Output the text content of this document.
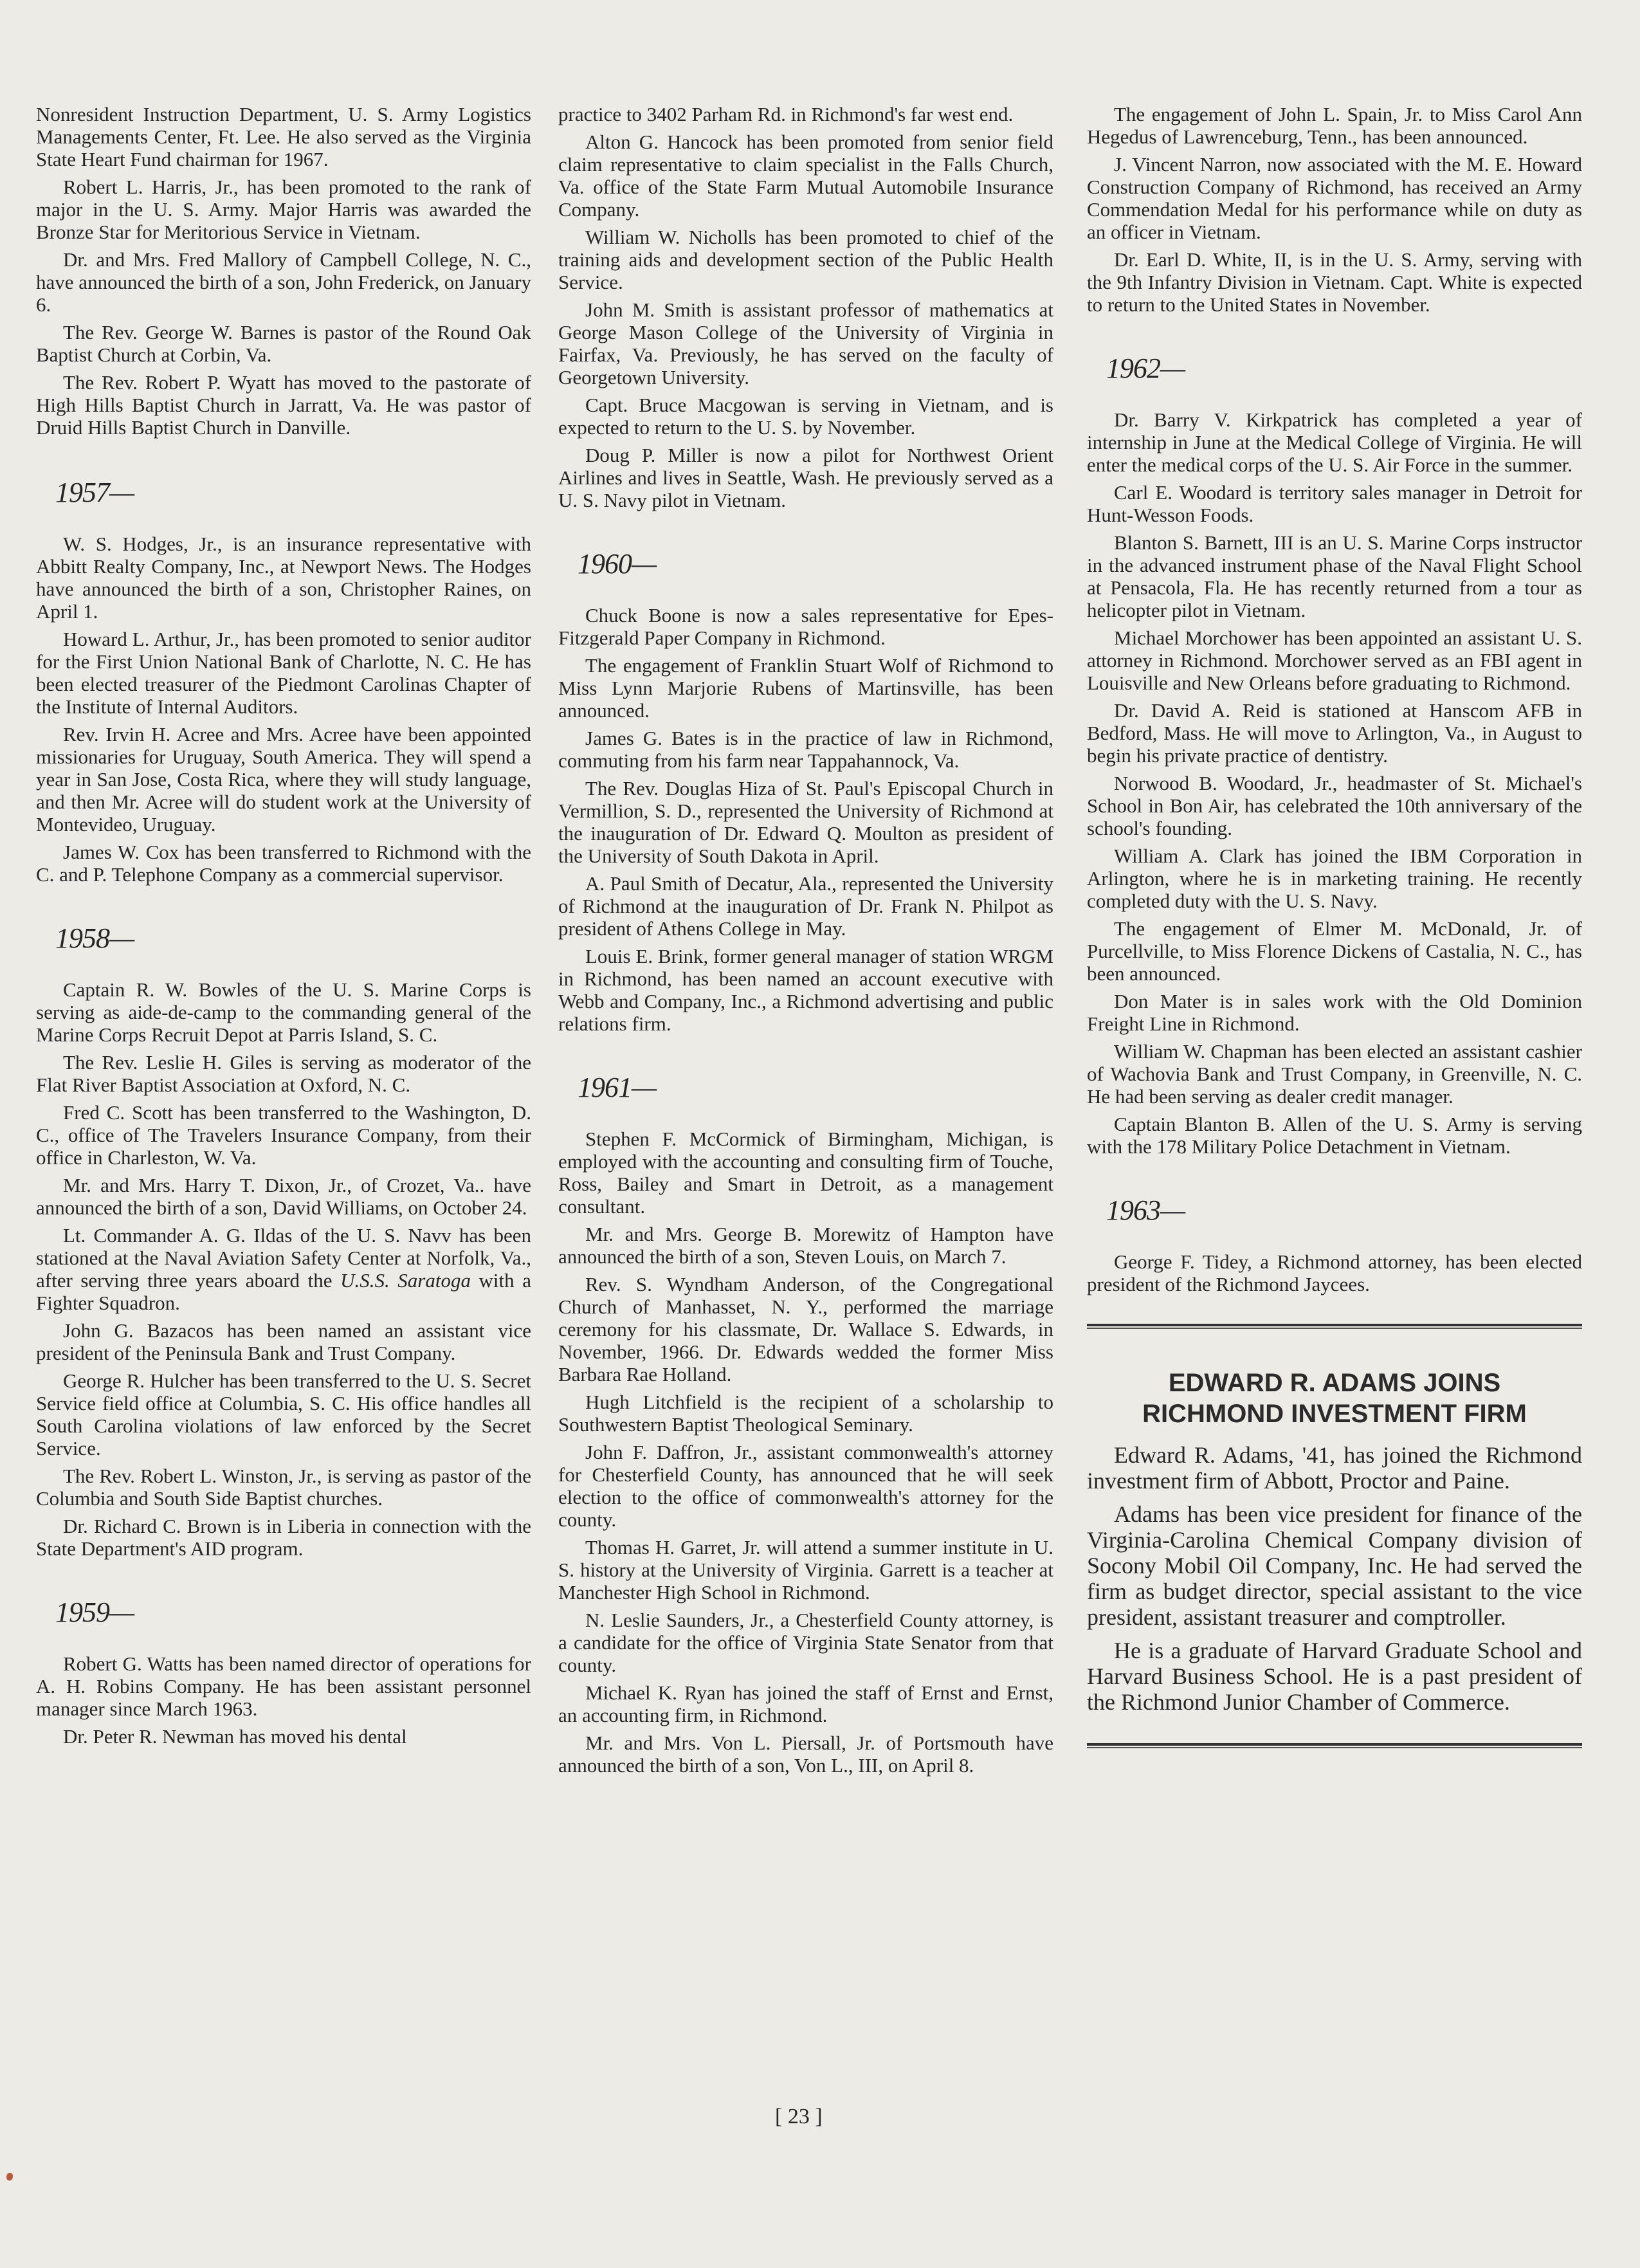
Nonresident Instruction Department, U. S. Army Logistics Managements Center, Ft. Lee. He also served as the Virginia State Heart Fund chairman for 1967.

Robert L. Harris, Jr., has been promoted to the rank of major in the U. S. Army. Major Harris was awarded the Bronze Star for Meritorious Service in Vietnam.

Dr. and Mrs. Fred Mallory of Campbell College, N. C., have announced the birth of a son, John Frederick, on January 6.

The Rev. George W. Barnes is pastor of the Round Oak Baptist Church at Corbin, Va.

The Rev. Robert P. Wyatt has moved to the pastorate of High Hills Baptist Church in Jarratt, Va. He was pastor of Druid Hills Baptist Church in Danville.

1957—

W. S. Hodges, Jr., is an insurance representative with Abbitt Realty Company, Inc., at Newport News. The Hodges have announced the birth of a son, Christopher Raines, on April 1.

Howard L. Arthur, Jr., has been promoted to senior auditor for the First Union National Bank of Charlotte, N. C. He has been elected treasurer of the Piedmont Carolinas Chapter of the Institute of Internal Auditors.

Rev. Irvin H. Acree and Mrs. Acree have been appointed missionaries for Uruguay, South America. They will spend a year in San Jose, Costa Rica, where they will study language, and then Mr. Acree will do student work at the University of Montevideo, Uruguay.

James W. Cox has been transferred to Richmond with the C. and P. Telephone Company as a commercial supervisor.

1958—

Captain R. W. Bowles of the U. S. Marine Corps is serving as aide-de-camp to the commanding general of the Marine Corps Recruit Depot at Parris Island, S. C.

The Rev. Leslie H. Giles is serving as moderator of the Flat River Baptist Association at Oxford, N. C.

Fred C. Scott has been transferred to the Washington, D. C., office of The Travelers Insurance Company, from their office in Charleston, W. Va.

Mr. and Mrs. Harry T. Dixon, Jr., of Crozet, Va.. have announced the birth of a son, David Williams, on October 24.

Lt. Commander A. G. Ildas of the U. S. Navv has been stationed at the Naval Aviation Safety Center at Norfolk, Va., after serving three years aboard the U.S.S. Saratoga with a Fighter Squadron.

John G. Bazacos has been named an assistant vice president of the Peninsula Bank and Trust Company.

George R. Hulcher has been transferred to the U. S. Secret Service field office at Columbia, S. C. His office handles all South Carolina violations of law enforced by the Secret Service.

The Rev. Robert L. Winston, Jr., is serving as pastor of the Columbia and South Side Baptist churches.

Dr. Richard C. Brown is in Liberia in connection with the State Department's AID program.

1959—

Robert G. Watts has been named director of operations for A. H. Robins Company. He has been assistant personnel manager since March 1963.

Dr. Peter R. Newman has moved his dental

practice to 3402 Parham Rd. in Richmond's far west end.

Alton G. Hancock has been promoted from senior field claim representative to claim specialist in the Falls Church, Va. office of the State Farm Mutual Automobile Insurance Company.

William W. Nicholls has been promoted to chief of the training aids and development section of the Public Health Service.

John M. Smith is assistant professor of mathematics at George Mason College of the University of Virginia in Fairfax, Va. Previously, he has served on the faculty of Georgetown University.

Capt. Bruce Macgowan is serving in Vietnam, and is expected to return to the U. S. by November.

Doug P. Miller is now a pilot for Northwest Orient Airlines and lives in Seattle, Wash. He previously served as a U. S. Navy pilot in Vietnam.

1960—

Chuck Boone is now a sales representative for Epes-Fitzgerald Paper Company in Richmond.

The engagement of Franklin Stuart Wolf of Richmond to Miss Lynn Marjorie Rubens of Martinsville, has been announced.

James G. Bates is in the practice of law in Richmond, commuting from his farm near Tappahannock, Va.

The Rev. Douglas Hiza of St. Paul's Episcopal Church in Vermillion, S. D., represented the University of Richmond at the inauguration of Dr. Edward Q. Moulton as president of the University of South Dakota in April.

A. Paul Smith of Decatur, Ala., represented the University of Richmond at the inauguration of Dr. Frank N. Philpot as president of Athens College in May.

Louis E. Brink, former general manager of station WRGM in Richmond, has been named an account executive with Webb and Company, Inc., a Richmond advertising and public relations firm.

1961—

Stephen F. McCormick of Birmingham, Michigan, is employed with the accounting and consulting firm of Touche, Ross, Bailey and Smart in Detroit, as a management consultant.

Mr. and Mrs. George B. Morewitz of Hampton have announced the birth of a son, Steven Louis, on March 7.

Rev. S. Wyndham Anderson, of the Congregational Church of Manhasset, N. Y., performed the marriage ceremony for his classmate, Dr. Wallace S. Edwards, in November, 1966. Dr. Edwards wedded the former Miss Barbara Rae Holland.

Hugh Litchfield is the recipient of a scholarship to Southwestern Baptist Theological Seminary.

John F. Daffron, Jr., assistant commonwealth's attorney for Chesterfield County, has announced that he will seek election to the office of commonwealth's attorney for the county.

Thomas H. Garret, Jr. will attend a summer institute in U. S. history at the University of Virginia. Garrett is a teacher at Manchester High School in Richmond.

N. Leslie Saunders, Jr., a Chesterfield County attorney, is a candidate for the office of Virginia State Senator from that county.

Michael K. Ryan has joined the staff of Ernst and Ernst, an accounting firm, in Richmond.

Mr. and Mrs. Von L. Piersall, Jr. of Portsmouth have announced the birth of a son, Von L., III, on April 8.

The engagement of John L. Spain, Jr. to Miss Carol Ann Hegedus of Lawrenceburg, Tenn., has been announced.

J. Vincent Narron, now associated with the M. E. Howard Construction Company of Richmond, has received an Army Commendation Medal for his performance while on duty as an officer in Vietnam.

Dr. Earl D. White, II, is in the U. S. Army, serving with the 9th Infantry Division in Vietnam. Capt. White is expected to return to the United States in November.

1962—

Dr. Barry V. Kirkpatrick has completed a year of internship in June at the Medical College of Virginia. He will enter the medical corps of the U. S. Air Force in the summer.

Carl E. Woodard is territory sales manager in Detroit for Hunt-Wesson Foods.

Blanton S. Barnett, III is an U. S. Marine Corps instructor in the advanced instrument phase of the Naval Flight School at Pensacola, Fla. He has recently returned from a tour as helicopter pilot in Vietnam.

Michael Morchower has been appointed an assistant U. S. attorney in Richmond. Morchower served as an FBI agent in Louisville and New Orleans before graduating to Richmond.

Dr. David A. Reid is stationed at Hanscom AFB in Bedford, Mass. He will move to Arlington, Va., in August to begin his private practice of dentistry.

Norwood B. Woodard, Jr., headmaster of St. Michael's School in Bon Air, has celebrated the 10th anniversary of the school's founding.

William A. Clark has joined the IBM Corporation in Arlington, where he is in marketing training. He recently completed duty with the U. S. Navy.

The engagement of Elmer M. McDonald, Jr. of Purcellville, to Miss Florence Dickens of Castalia, N. C., has been announced.

Don Mater is in sales work with the Old Dominion Freight Line in Richmond.

William W. Chapman has been elected an assistant cashier of Wachovia Bank and Trust Company, in Greenville, N. C. He had been serving as dealer credit manager.

Captain Blanton B. Allen of the U. S. Army is serving with the 178 Military Police Detachment in Vietnam.

1963—

George F. Tidey, a Richmond attorney, has been elected president of the Richmond Jaycees.

EDWARD R. ADAMS JOINS
RICHMOND INVESTMENT FIRM

Edward R. Adams, '41, has joined the Richmond investment firm of Abbott, Proctor and Paine.

Adams has been vice president for finance of the Virginia-Carolina Chemical Company division of Socony Mobil Oil Company, Inc. He had served the firm as budget director, special assistant to the vice president, assistant treasurer and comptroller.

He is a graduate of Harvard Graduate School and Harvard Business School. He is a past president of the Richmond Junior Chamber of Commerce.

[ 23 ]
